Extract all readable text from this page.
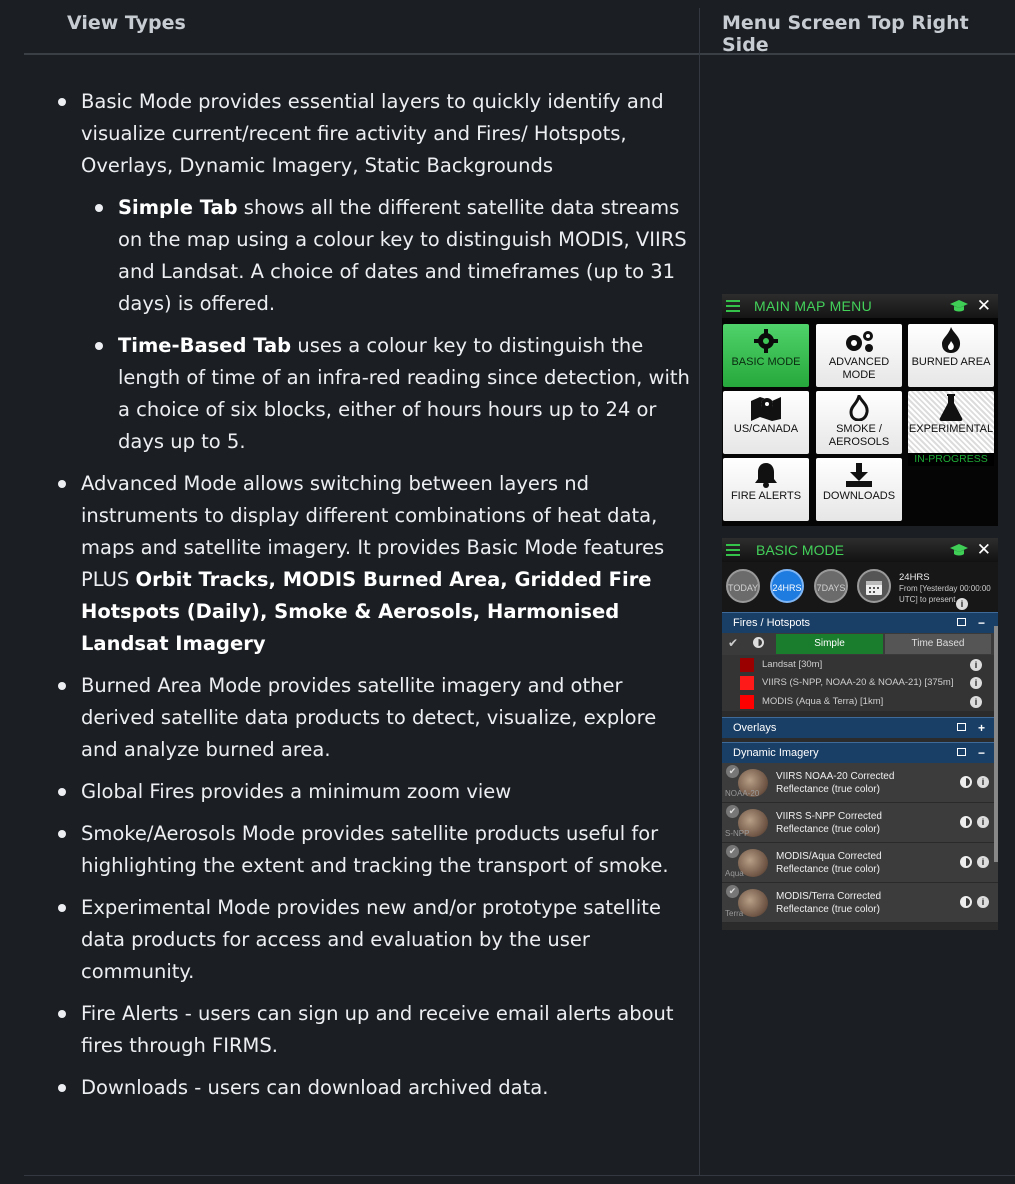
View Types	Menu Screen Top Right Side
Basic Mode provides essential layers to quickly identify and visualize current/recent fire activity and Fires/ Hotspots, Overlays, Dynamic Imagery, Static Backgrounds
Simple Tab shows all the different satellite data streams on the map using a colour key to distinguish MODIS, VIIRS and Landsat. A choice of dates and timeframes (up to 31 days) is offered.
Time-Based Tab uses a colour key to distinguish the length of time of an infra-red reading since detection, with a choice of six blocks, either of hours hours up to 24 or days up to 5.
Advanced Mode allows switching between layers nd instruments to display different combinations of heat data, maps and satellite imagery. It provides Basic Mode features PLUS Orbit Tracks, MODIS Burned Area, Gridded Fire Hotspots (Daily), Smoke & Aerosols, Harmonised Landsat Imagery
Burned Area Mode provides satellite imagery and other derived satellite data products to detect, visualize, explore and analyze burned area.
Global Fires provides a minimum zoom view
Smoke/Aerosols Mode provides satellite products useful for highlighting the extent and tracking the transport of smoke.
Experimental Mode provides new and/or prototype satellite data products for access and evaluation by the user community.
Fire Alerts - users can sign up and receive email alerts about fires through FIRMS.
Downloads - users can download archived data.
MAIN MAP MENU	✕
BASIC MODE	ADVANCED MODE
BURNED AREA
US/CANADA	SMOKE / AEROSOLS
EXPERIMENTAL
IN-PROGRESS
FIRE ALERTS	DOWNLOADS
BASIC MODE	✕
TODAY 24HRS 7DAYS
24HRS
From [Yesterday 00:00:00
UTC] to present i
Fires / Hotspots	−
✔	Simple	Time Based
Landsat [30m]
VIIRS (S-NPP, NOAA-20 & NOAA-21) [375m]
MODIS (Aqua & Terra) [1km]
i
i
i
Overlays	+
Dynamic Imagery	−
✔
NOAA-20
VIIRS NOAA-20 Corrected
Reflectance (true color)
i
✔
S-NPP
VIIRS S-NPP Corrected
Reflectance (true color)
i
✔
Aqua
MODIS/Aqua Corrected
Reflectance (true color)
i
✔
Terra
MODIS/Terra Corrected
Reflectance (true color)
i
